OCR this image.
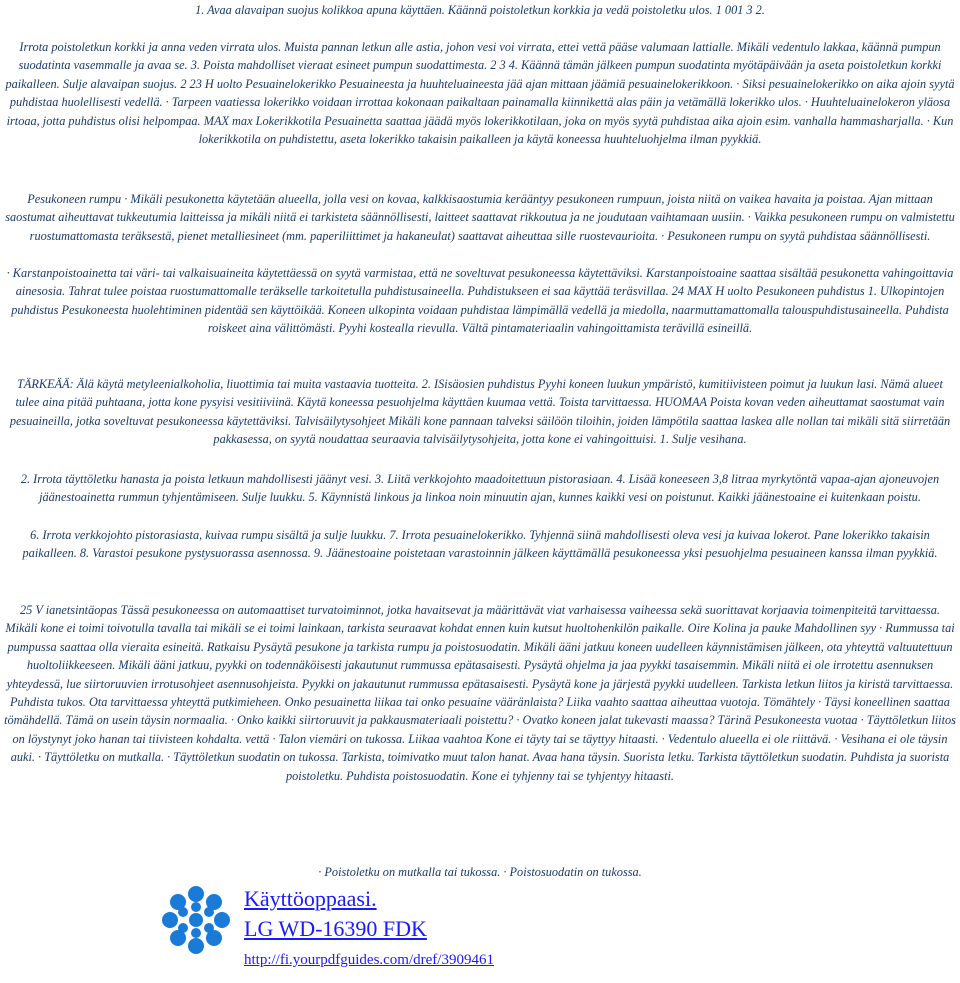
1. Avaa alavaipan suojus kolikkoa apuna käyttäen. Käännä poistoletkun korkkia ja vedä poistoletku ulos. 1 001 3 2.

Irrota poistoletkun korkki ja anna veden virrata ulos. Muista pannan letkun alle astia, johon vesi voi virrata, ettei vettä pääse valumaan lattialle. Mikäli vedentulo lakkaa, käännä pumpun suodatinta vasemmalle ja avaa se. 3. Poista mahdolliset vieraat esineet pumpun suodattimesta. 2 3 4. Käännä tämän jälkeen pumpun suodatinta myötäpäivään ja aseta poistoletkun korkki paikalleen. Sulje alavaipan suojus. 2 23 H uolto Pesuainelokerikko Pesuaineesta ja huuhteluaineesta jää ajan mittaan jäämiä pesuainelokerikkoon. · Siksi pesuainelokerikko on aika ajoin syytä puhdistaa huolellisesti vedellä. · Tarpeen vaatiessa lokerikko voidaan irrottaa kokonaan paikaltaan painamalla kiinnikettä alas päin ja vetämällä lokerikko ulos. · Huuhteluainelokeron yläosa irtoaa, jotta puhdistus olisi helpompaa. MAX max Lokerikkotila Pesuainetta saattaa jäädä myös lokerikkotilaan, joka on myös syytä puhdistaa aika ajoin esim. vanhalla hammasharjalla. · Kun lokerikkotila on puhdistettu, aseta lokerikko takaisin paikalleen ja käytä koneessa huuhteluohjelma ilman pyykkiä.

Pesukoneen rumpu · Mikäli pesukonetta käytetään alueella, jolla vesi on kovaa, kalkkisaostumia kerääntyy pesukoneen rumpuun, joista niitä on vaikea havaita ja poistaa. Ajan mittaan saostumat aiheuttavat tukkeutumia laitteissa ja mikäli niitä ei tarkisteta säännöllisesti, laitteet saattavat rikkoutua ja ne joudutaan vaihtamaan uusiin. · Vaikka pesukoneen rumpu on valmistettu ruostumattomasta teräksestä, pienet metalliesineet (mm. paperiliittimet ja hakaneulat) saattavat aiheuttaa sille ruostevaurioita. · Pesukoneen rumpu on syytä puhdistaa säännöllisesti.

· Karstanpoistoainetta tai väri- tai valkaisuaineita käytettäessä on syytä varmistaa, että ne soveltuvat pesukoneessa käytettäviksi. Karstanpoistoaine saattaa sisältää pesukonetta vahingoittavia ainesosia. Tahrat tulee poistaa ruostumattomalle teräkselle tarkoitetulla puhdistusaineella. Puhdistukseen ei saa käyttää teräsvillaa. 24 MAX H uolto Pesukoneen puhdistus 1. Ulkopintojen puhdistus Pesukoneesta huolehtiminen pidentää sen käyttöikää. Koneen ulkopinta voidaan puhdistaa lämpimällä vedellä ja miedolla, naarmuttamattomalla talouspuhdistusaineella. Puhdista roiskeet aina välittömästi. Pyyhi kostealla rievulla. Vältä pintamateriaalin vahingoittamista terävillä esineillä.

TÄRKEÄÄ: Älä käytä metyleenialkoholia, liuottimia tai muita vastaavia tuotteita. 2. ISisäosien puhdistus Pyyhi koneen luukun ympäristö, kumitiivisteen poimut ja luukun lasi. Nämä alueet tulee aina pitää puhtaana, jotta kone pysyisi vesitiiviinä. Käytä koneessa pesuohjelma käyttäen kuumaa vettä. Toista tarvittaessa. HUOMAA Poista kovan veden aiheuttamat saostumat vain pesuaineilla, jotka soveltuvat pesukoneessa käytettäviksi. Talvisäilytysohjeet Mikäli kone pannaan talveksi säilöön tiloihin, joiden lämpötila saattaa laskea alle nollan tai mikäli sitä siirretään pakkasessa, on syytä noudattaa seuraavia talvisäilytysohjeita, jotta kone ei vahingoittuisi. 1. Sulje vesihana.

2. Irrota täyttöletku hanasta ja poista letkuun mahdollisesti jäänyt vesi. 3. Liitä verkkojohto maadoitettuun pistorasiaan. 4. Lisää koneeseen 3,8 litraa myrkytöntä vapaa-ajan ajoneuvojen jäänestoainetta rummun tyhjentämiseen. Sulje luukku. 5. Käynnistä linkous ja linkoa noin minuutin ajan, kunnes kaikki vesi on poistunut. Kaikki jäänestoaine ei kuitenkaan poistu.

6. Irrota verkkojohto pistorasiasta, kuivaa rumpu sisältä ja sulje luukku. 7. Irrota pesuainelokerikko. Tyhjennä siinä mahdollisesti oleva vesi ja kuivaa lokerot. Pane lokerikko takaisin paikalleen. 8. Varastoi pesukone pystysuorassa asennossa. 9. Jäänestoaine poistetaan varastoinnin jälkeen käyttämällä pesukoneessa yksi pesuohjelma pesuaineen kanssa ilman pyykkiä.

25 V ianetsintäopas Tässä pesukoneessa on automaattiset turvatoiminnot, jotka havaitsevat ja määrittävät viat varhaisessa vaiheessa sekä suorittavat korjaavia toimenpiteitä tarvittaessa. Mikäli kone ei toimi toivotulla tavalla tai mikäli se ei toimi lainkaan, tarkista seuraavat kohdat ennen kuin kutsut huoltohenkilön paikalle. Oire Kolina ja pauke Mahdollinen syy · Rummussa tai pumpussa saattaa olla vieraita esineitä. Ratkaisu Pysäytä pesukone ja tarkista rumpu ja poistosuodatin. Mikäli ääni jatkuu koneen uudelleen käynnistämisen jälkeen, ota yhteyttä valtuutettuun huoltoliikkeeseen. Mikäli ääni jatkuu, pyykki on todennäköisesti jakautunut rummussa epätasaisesti. Pysäytä ohjelma ja jaa pyykki tasaisemmin. Mikäli niitä ei ole irrotettu asennuksen yhteydessä, lue siirtoruuvien irrotusohjeet asennusohjeista. Pyykki on jakautunut rummussa epätasaisesti. Pysäytä kone ja järjestä pyykki uudelleen. Tarkista letkun liitos ja kiristä tarvittaessa. Puhdista tukos. Ota tarvittaessa yhteyttä putkimieheen. Onko pesuainetta liikaa tai onko pesuaine vääränlaista? Liika vaahto saattaa aiheuttaa vuotoja. Tömähtely · Täysi koneellinen saattaa tömähdellä. Tämä on usein täysin normaalia. · Onko kaikki siirtoruuvit ja pakkausmateriaali poistettu? · Ovatko koneen jalat tukevasti maassa? Tärinä Pesukoneesta vuotaa · Täyttöletkun liitos on löystynyt joko hanan tai tiivisteen kohdalta. vettä · Talon viemäri on tukossa. Liikaa vaahtoa Kone ei täyty tai se täyttyy hitaasti. · Vedentulo alueella ei ole riittävä. · Vesihana ei ole täysin auki. · Täyttöletku on mutkalla. · Täyttöletkun suodatin on tukossa. Tarkista, toimivatko muut talon hanat. Avaa hana täysin. Suorista letku. Tarkista täyttöletkun suodatin. Puhdista ja suorista poistoletku. Puhdista poistosuodatin. Kone ei tyhjenny tai se tyhjentyy hitaasti.

· Poistoletku on mutkalla tai tukossa. · Poistosuodatin on tukossa.

Käyttöoppaasi.
LG WD-16390 FDK
http://fi.yourpdfguides.com/dref/3909461
